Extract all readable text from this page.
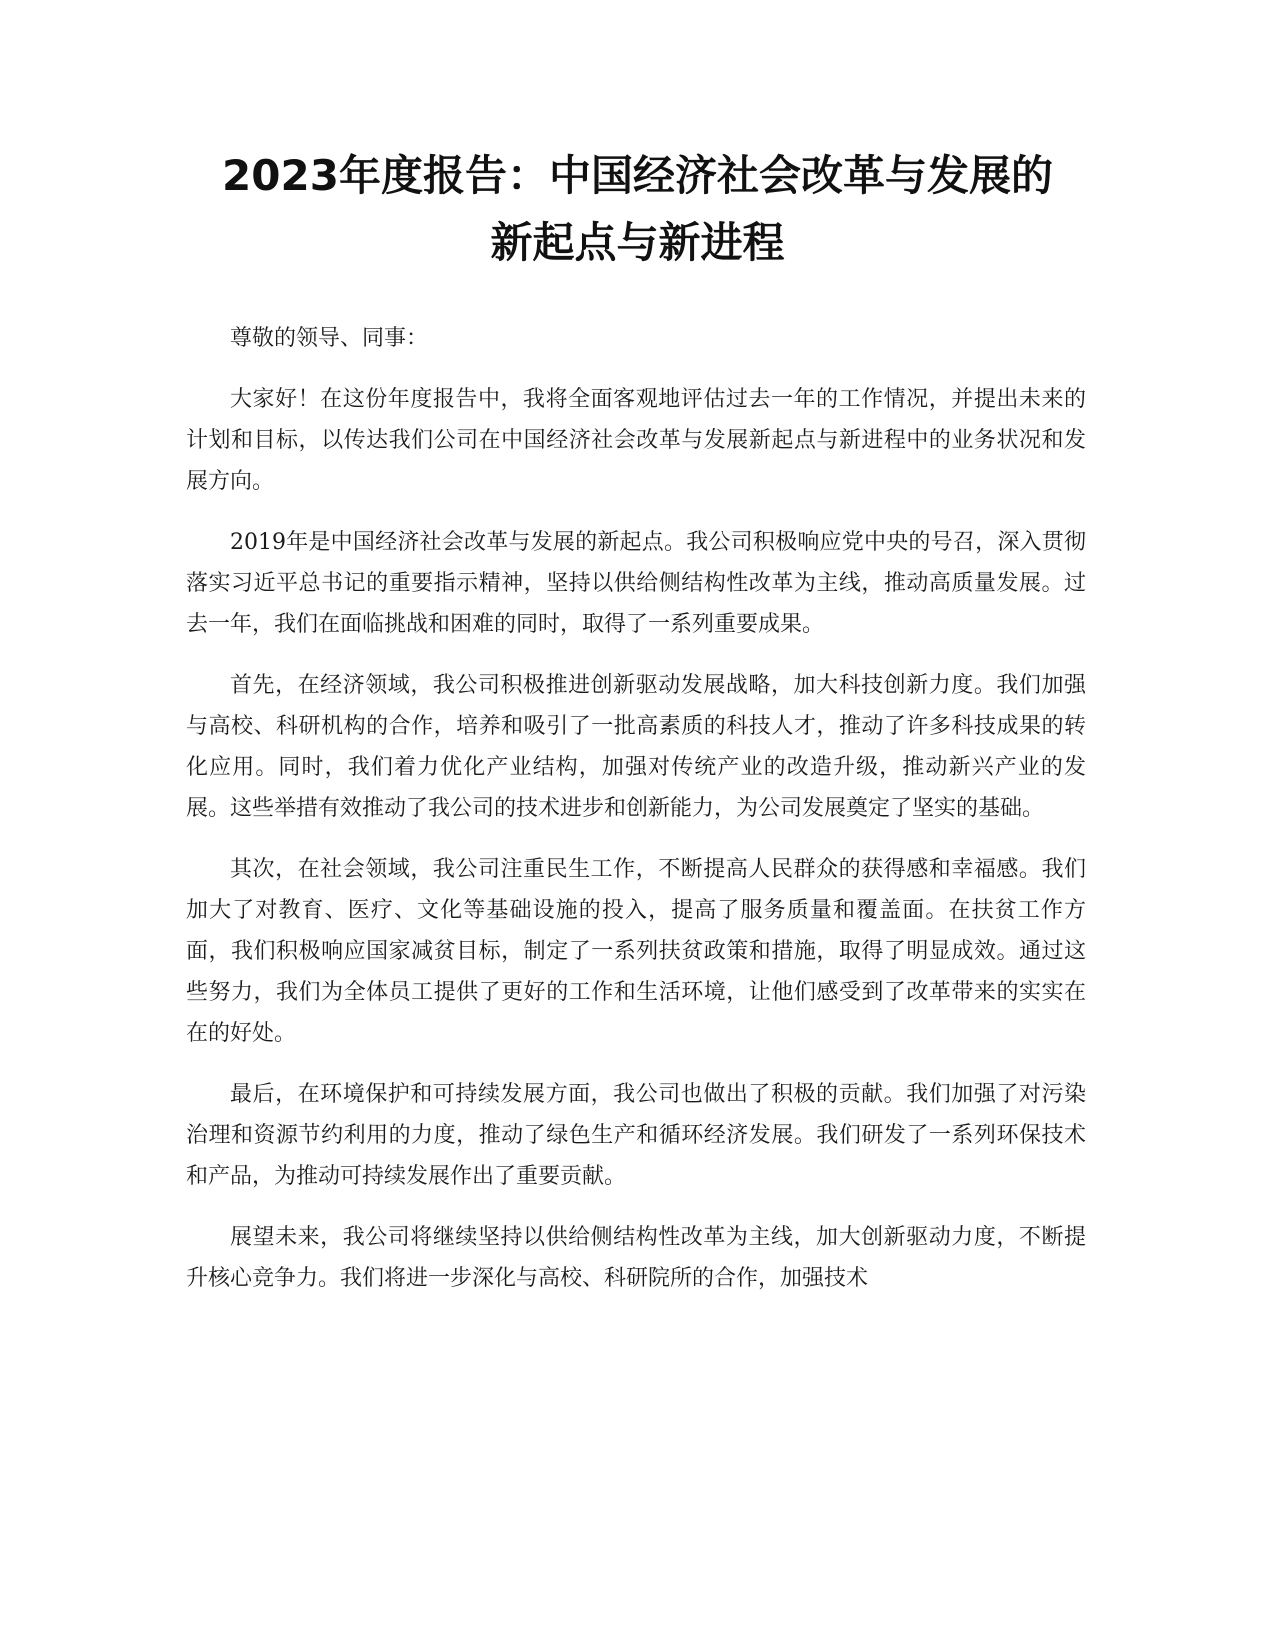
2023年度报告：中国经济社会改革与发展的
新起点与新进程

尊敬的领导、同事：

大家好！在这份年度报告中，我将全面客观地评估过去一年的工作情况，并提出未来的计划和目标，以传达我们公司在中国经济社会改革与发展新起点与新进程中的业务状况和发展方向。

2019年是中国经济社会改革与发展的新起点。我公司积极响应党中央的号召，深入贯彻落实习近平总书记的重要指示精神，坚持以供给侧结构性改革为主线，推动高质量发展。过去一年，我们在面临挑战和困难的同时，取得了一系列重要成果。

首先，在经济领域，我公司积极推进创新驱动发展战略，加大科技创新力度。我们加强与高校、科研机构的合作，培养和吸引了一批高素质的科技人才，推动了许多科技成果的转化应用。同时，我们着力优化产业结构，加强对传统产业的改造升级，推动新兴产业的发展。这些举措有效推动了我公司的技术进步和创新能力，为公司发展奠定了坚实的基础。

其次，在社会领域，我公司注重民生工作，不断提高人民群众的获得感和幸福感。我们加大了对教育、医疗、文化等基础设施的投入，提高了服务质量和覆盖面。在扶贫工作方面，我们积极响应国家减贫目标，制定了一系列扶贫政策和措施，取得了明显成效。通过这些努力，我们为全体员工提供了更好的工作和生活环境，让他们感受到了改革带来的实实在在的好处。

最后，在环境保护和可持续发展方面，我公司也做出了积极的贡献。我们加强了对污染治理和资源节约利用的力度，推动了绿色生产和循环经济发展。我们研发了一系列环保技术和产品，为推动可持续发展作出了重要贡献。

展望未来，我公司将继续坚持以供给侧结构性改革为主线，加大创新驱动力度，不断提升核心竞争力。我们将进一步深化与高校、科研院所的合作，加强技术
